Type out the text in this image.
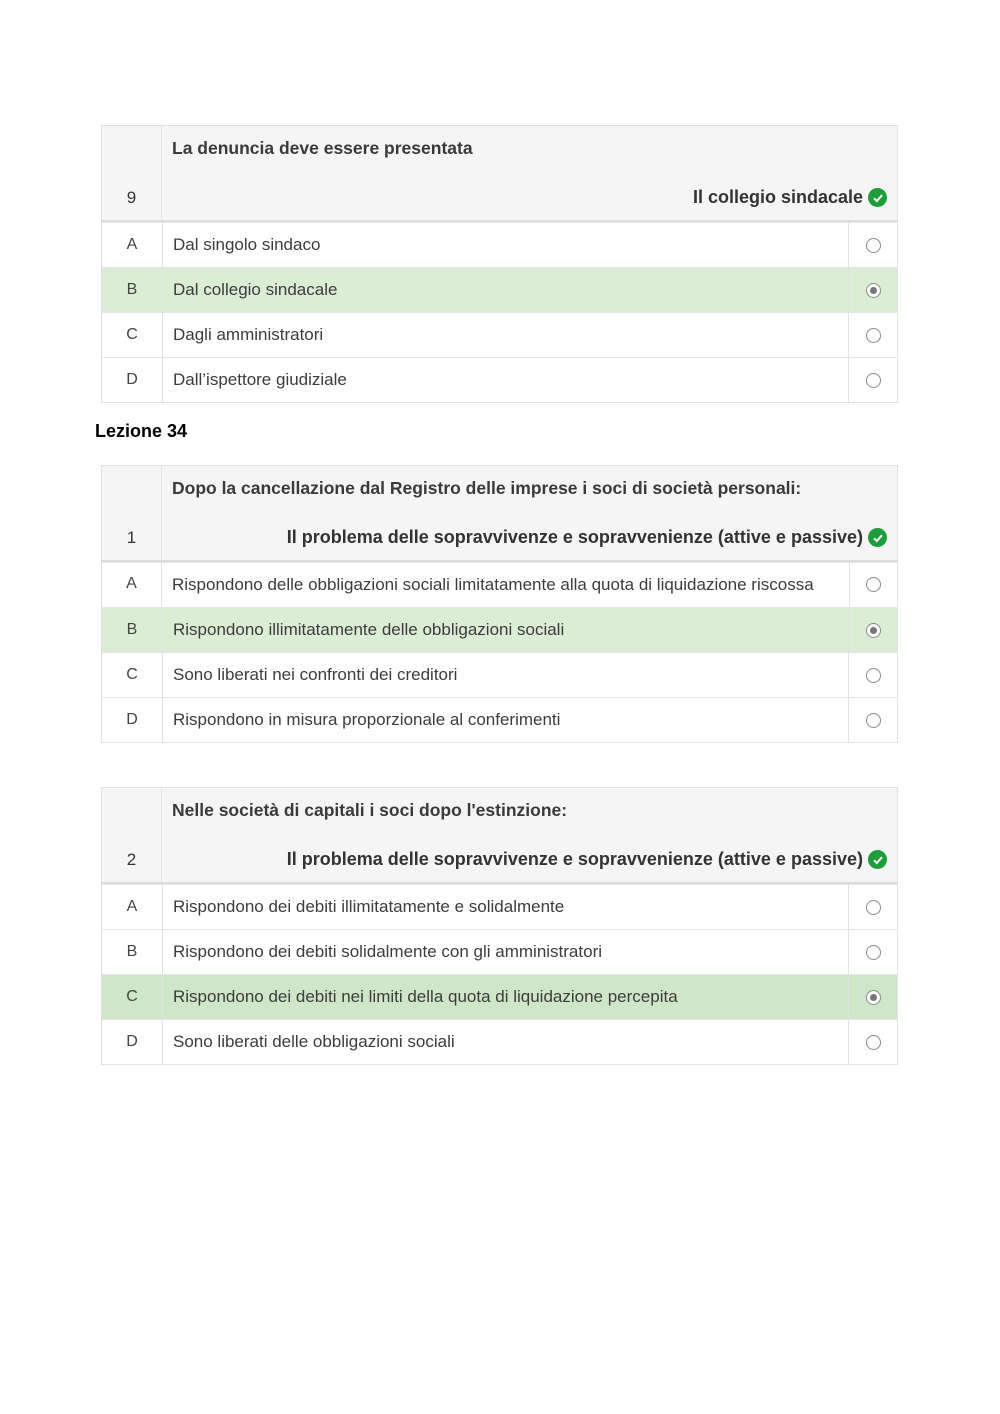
9
La denuncia deve essere presentata
Il collegio sindacale
A	Dal singolo sindaco
B	Dal collegio sindacale
C	Dagli amministratori
D	Dall’ispettore giudiziale
Lezione 34
1
Dopo la cancellazione dal Registro delle imprese i soci di società personali:
Il problema delle sopravvivenze e sopravvenienze (attive e passive)
A	Rispondono delle obbligazioni sociali limitatamente alla quota di liquidazione riscossa
B	Rispondono illimitatamente delle obbligazioni sociali
C	Sono liberati nei confronti dei creditori
D	Rispondono in misura proporzionale al conferimenti
2
Nelle società di capitali i soci dopo l'estinzione:
Il problema delle sopravvivenze e sopravvenienze (attive e passive)
A	Rispondono dei debiti illimitatamente e solidalmente
B	Rispondono dei debiti solidalmente con gli amministratori
C	Rispondono dei debiti nei limiti della quota di liquidazione percepita
D	Sono liberati delle obbligazioni sociali
